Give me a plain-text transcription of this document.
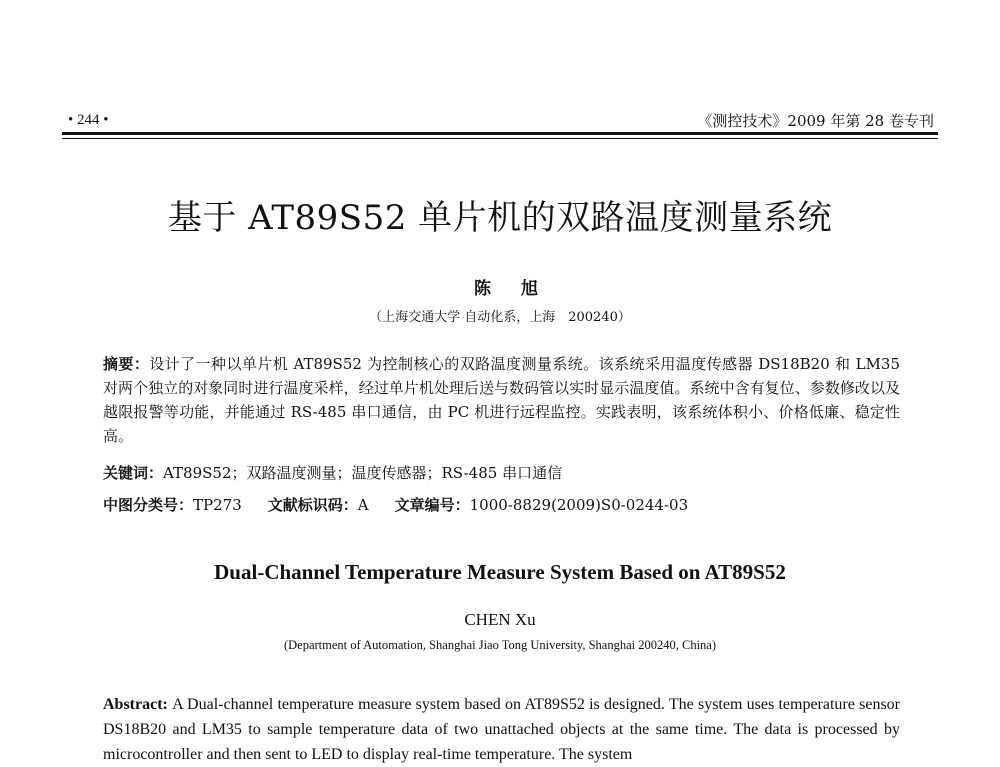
• 244 •	《测控技术》2009 年第 28 卷专刊
基于 AT89S52 单片机的双路温度测量系统
陈 旭
（上海交通大学 自动化系，上海　200240）
摘要：设计了一种以单片机 AT89S52 为控制核心的双路温度测量系统。该系统采用温度传感器 DS18B20 和 LM35 对两个独立的对象同时进行温度采样，经过单片机处理后送与数码管以实时显示温度值。系统中含有复位、参数修改以及越限报警等功能，并能通过 RS-485 串口通信，由 PC 机进行远程监控。实践表明，该系统体积小、价格低廉、稳定性高。
关键词：AT89S52；双路温度测量；温度传感器；RS-485 串口通信
中图分类号：TP273 文献标识码：A 文章编号：1000-8829(2009)S0-0244-03
Dual-Channel Temperature Measure System Based on AT89S52
CHEN Xu
(Department of Automation, Shanghai Jiao Tong University, Shanghai 200240, China)
Abstract: A Dual-channel temperature measure system based on AT89S52 is designed. The system uses temperature sensor DS18B20 and LM35 to sample temperature data of two unattached objects at the same time. The data is processed by microcontroller and then sent to LED to display real-time temperature. The system
